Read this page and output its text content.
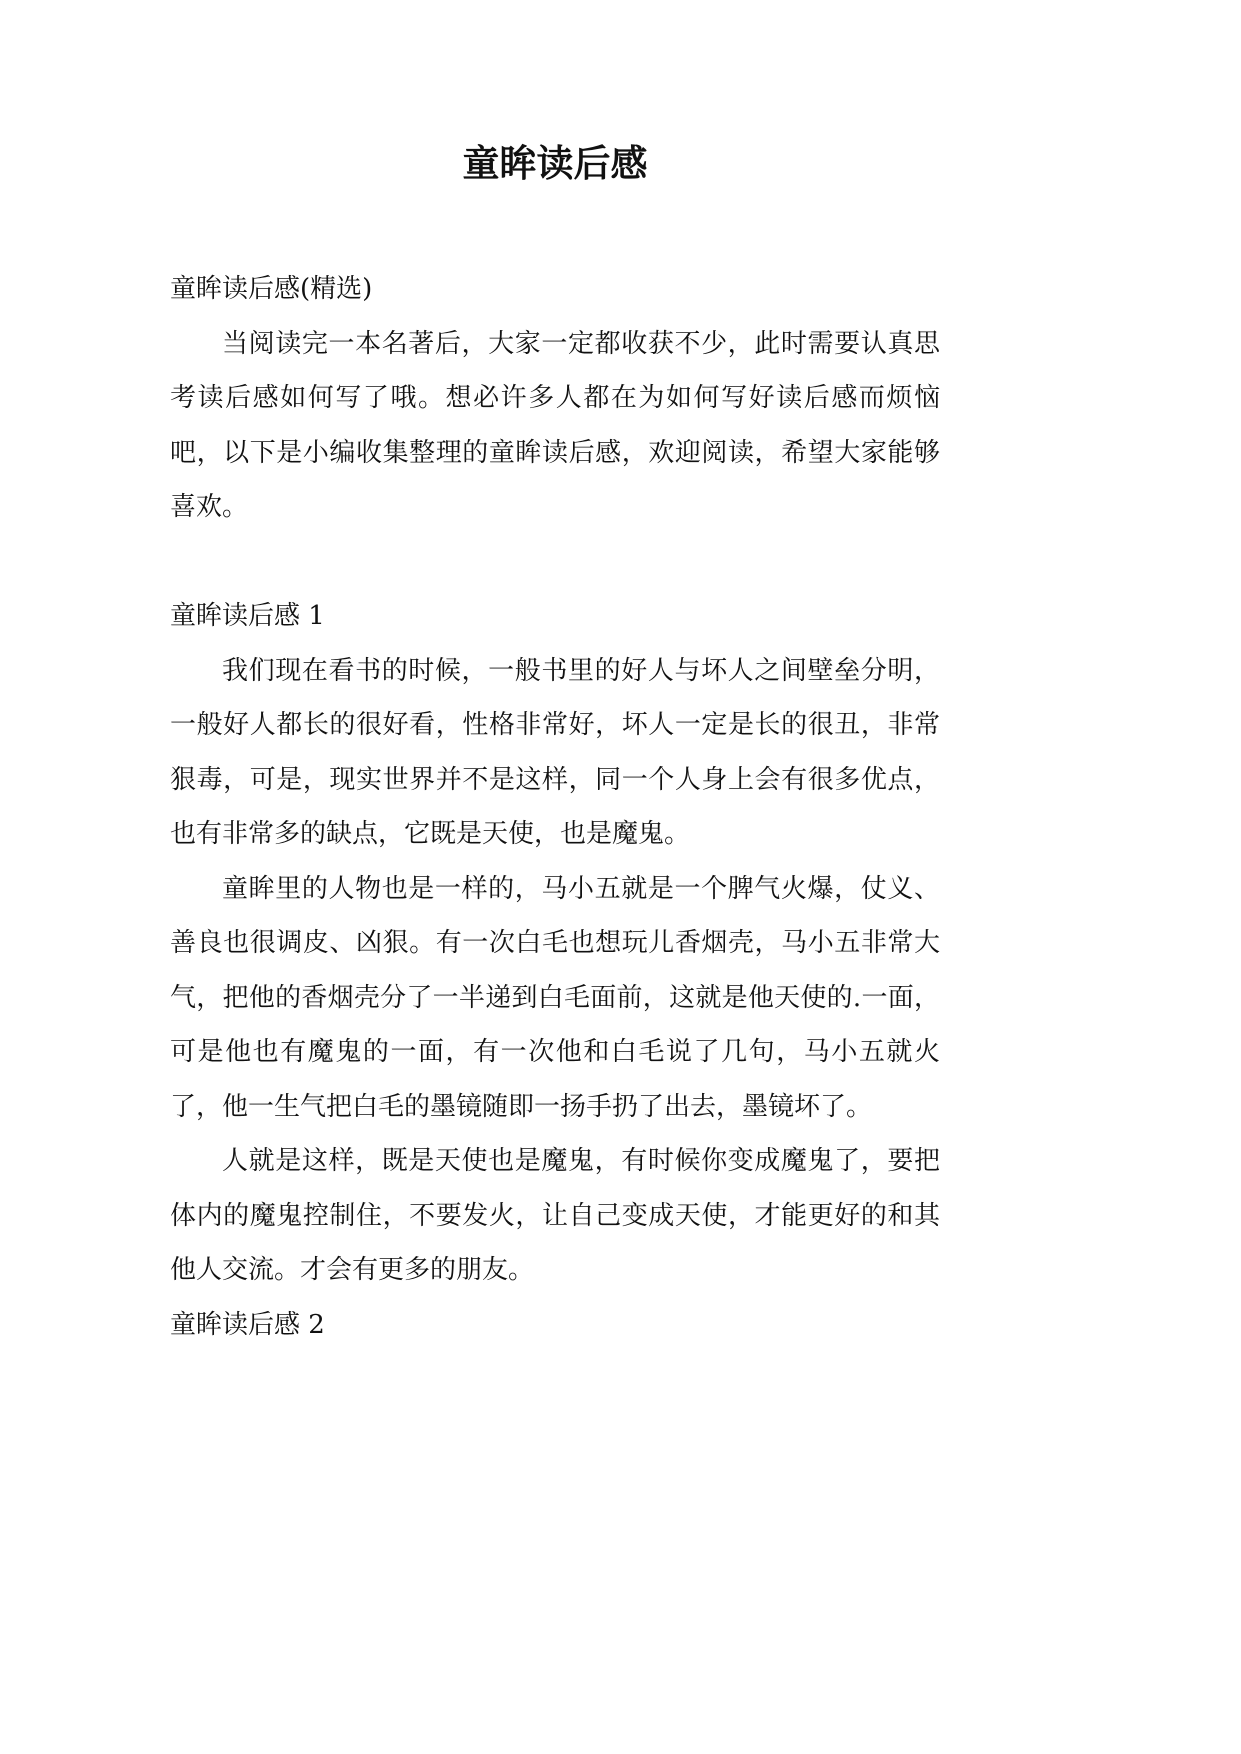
童眸读后感

童眸读后感(精选)

当阅读完一本名著后，大家一定都收获不少，此时需要认真思考读后感如何写了哦。想必许多人都在为如何写好读后感而烦恼吧，以下是小编收集整理的童眸读后感，欢迎阅读，希望大家能够喜欢。

童眸读后感 1

我们现在看书的时候，一般书里的好人与坏人之间壁垒分明，一般好人都长的很好看，性格非常好，坏人一定是长的很丑，非常狠毒，可是，现实世界并不是这样，同一个人身上会有很多优点，也有非常多的缺点，它既是天使，也是魔鬼。

童眸里的人物也是一样的，马小五就是一个脾气火爆，仗义、善良也很调皮、凶狠。有一次白毛也想玩儿香烟壳，马小五非常大气，把他的香烟壳分了一半递到白毛面前，这就是他天使的.一面，可是他也有魔鬼的一面，有一次他和白毛说了几句，马小五就火了，他一生气把白毛的墨镜随即一扬手扔了出去，墨镜坏了。

人就是这样，既是天使也是魔鬼，有时候你变成魔鬼了，要把体内的魔鬼控制住，不要发火，让自己变成天使，才能更好的和其他人交流。才会有更多的朋友。

童眸读后感 2
